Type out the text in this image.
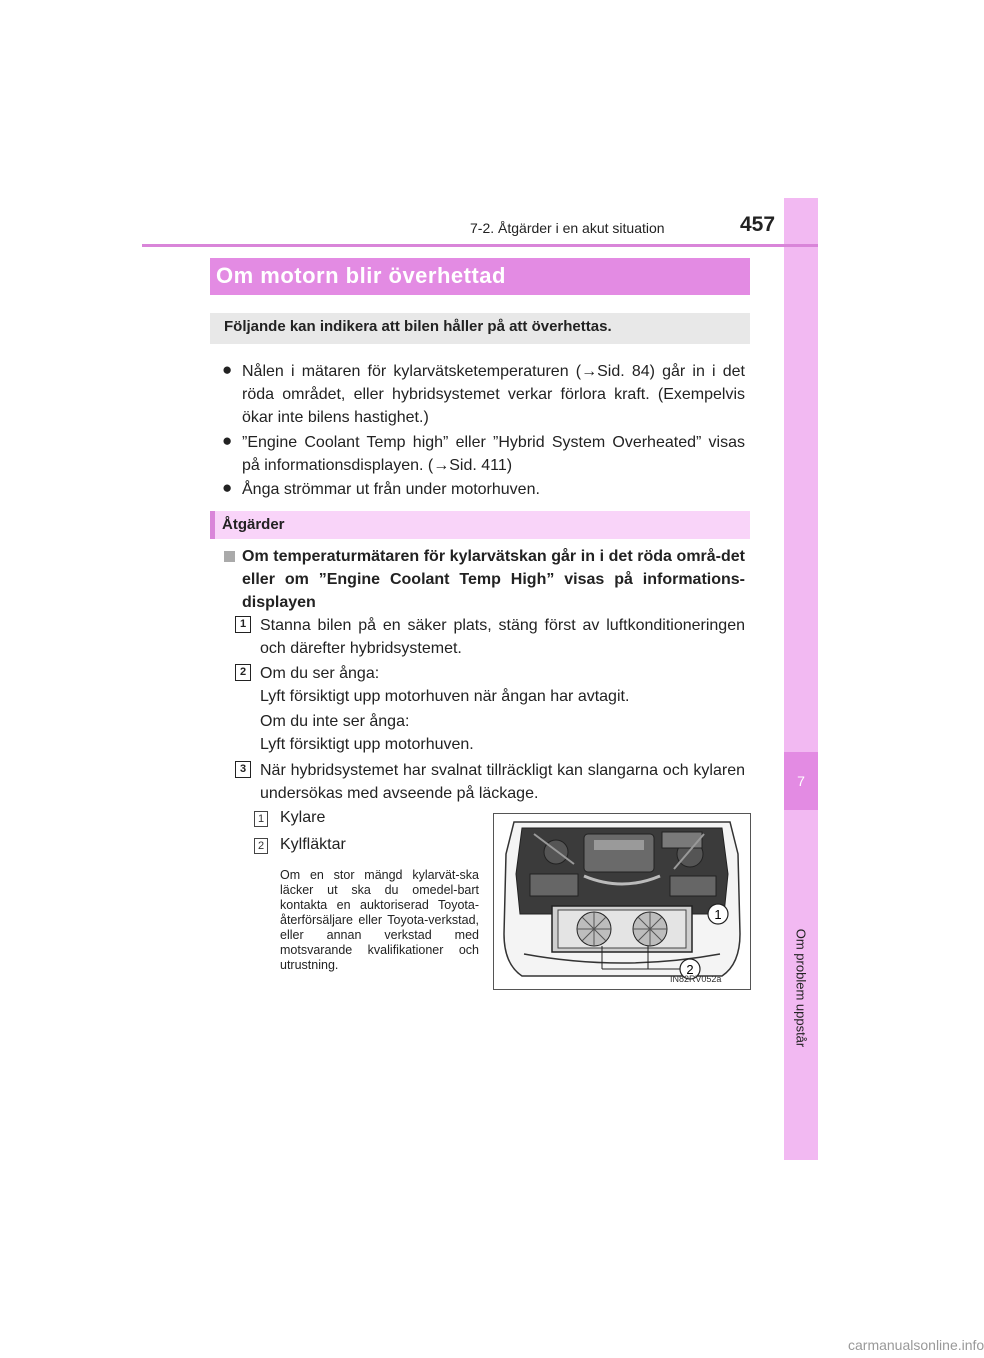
7
Om problem uppstår
7-2. Åtgärder i en akut situation	457
Om motorn blir överhettad
Följande kan indikera att bilen håller på att överhettas.
● Nålen i mätaren för kylarvätsketemperaturen (→Sid. 84) går in i det röda området, eller hybridsystemet verkar förlora kraft. (Exempelvis ökar inte bilens hastighet.)
● ”Engine Coolant Temp high” eller ”Hybrid System Overheated” visas på informationsdisplayen. (→Sid. 411)
● Ånga strömmar ut från under motorhuven.
Åtgärder
Om temperaturmätaren för kylarvätskan går in i det röda områ-det eller om ”Engine Coolant Temp High” visas på informations-displayen
1 Stanna bilen på en säker plats, stäng först av luftkonditioneringen och därefter hybridsystemet.
2 Om du ser ånga:
Lyft försiktigt upp motorhuven när ångan har avtagit.
Om du inte ser ånga:
Lyft försiktigt upp motorhuven.
3 När hybridsystemet har svalnat tillräckligt kan slangarna och kylaren undersökas med avseende på läckage.
1 Kylare
2 Kylfläktar
Om en stor mängd kylarvät-ska läcker ut ska du omedel-bart kontakta en auktoriserad Toyota-återförsäljare eller Toyota-verkstad, eller annan verkstad med motsvarande kvalifikationer och utrustning.
1
2
IN82RV052a
carmanualsonline.info
